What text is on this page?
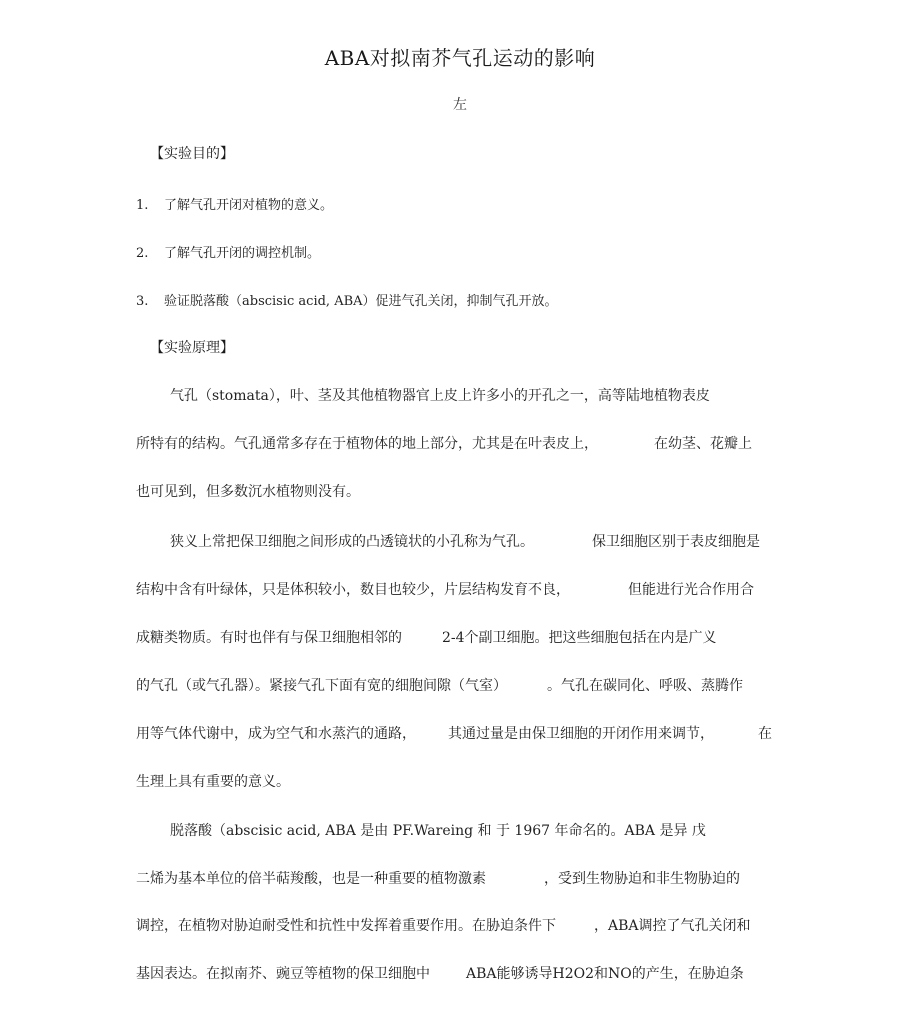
ABA对拟南芥气孔运动的影响
左
【实验目的】
1. 了解气孔开闭对植物的意义。
2. 了解气孔开闭的调控机制。
3. 验证脱落酸（abscisic acid, ABA）促进气孔关闭，抑制气孔开放。
【实验原理】
气孔（stomata），叶、茎及其他植物器官上皮上许多小的开孔之一，高等陆地植物表皮
所特有的结构。气孔通常多存在于植物体的地上部分，尤其是在叶表皮上，	在幼茎、花瓣上
也可见到，但多数沉水植物则没有。
狭义上常把保卫细胞之间形成的凸透镜状的小孔称为气孔。	保卫细胞区别于表皮细胞是
结构中含有叶绿体，只是体积较小，数目也较少，片层结构发育不良，	但能进行光合作用合
成糖类物质。有时也伴有与保卫细胞相邻的	2-4个副卫细胞。把这些细胞包括在内是广义
的气孔（或气孔器）。紧接气孔下面有宽的细胞间隙（气室）	。气孔在碳同化、呼吸、蒸腾作
用等气体代谢中，成为空气和水蒸汽的通路， 其通过量是由保卫细胞的开闭作用来调节，	在
生理上具有重要的意义。
脱落酸（abscisic acid, ABA 是由 PF.Wareing 和 于 1967 年命名的。ABA 是异 戊
二烯为基本单位的倍半萜羧酸，也是一种重要的植物激素	，受到生物胁迫和非生物胁迫的
调控，在植物对胁迫耐受性和抗性中发挥着重要作用。在胁迫条件下	，ABA调控了气孔关闭和
基因表达。在拟南芥、豌豆等植物的保卫细胞中	ABA能够诱导H2O2和NO的产生，在胁迫条
